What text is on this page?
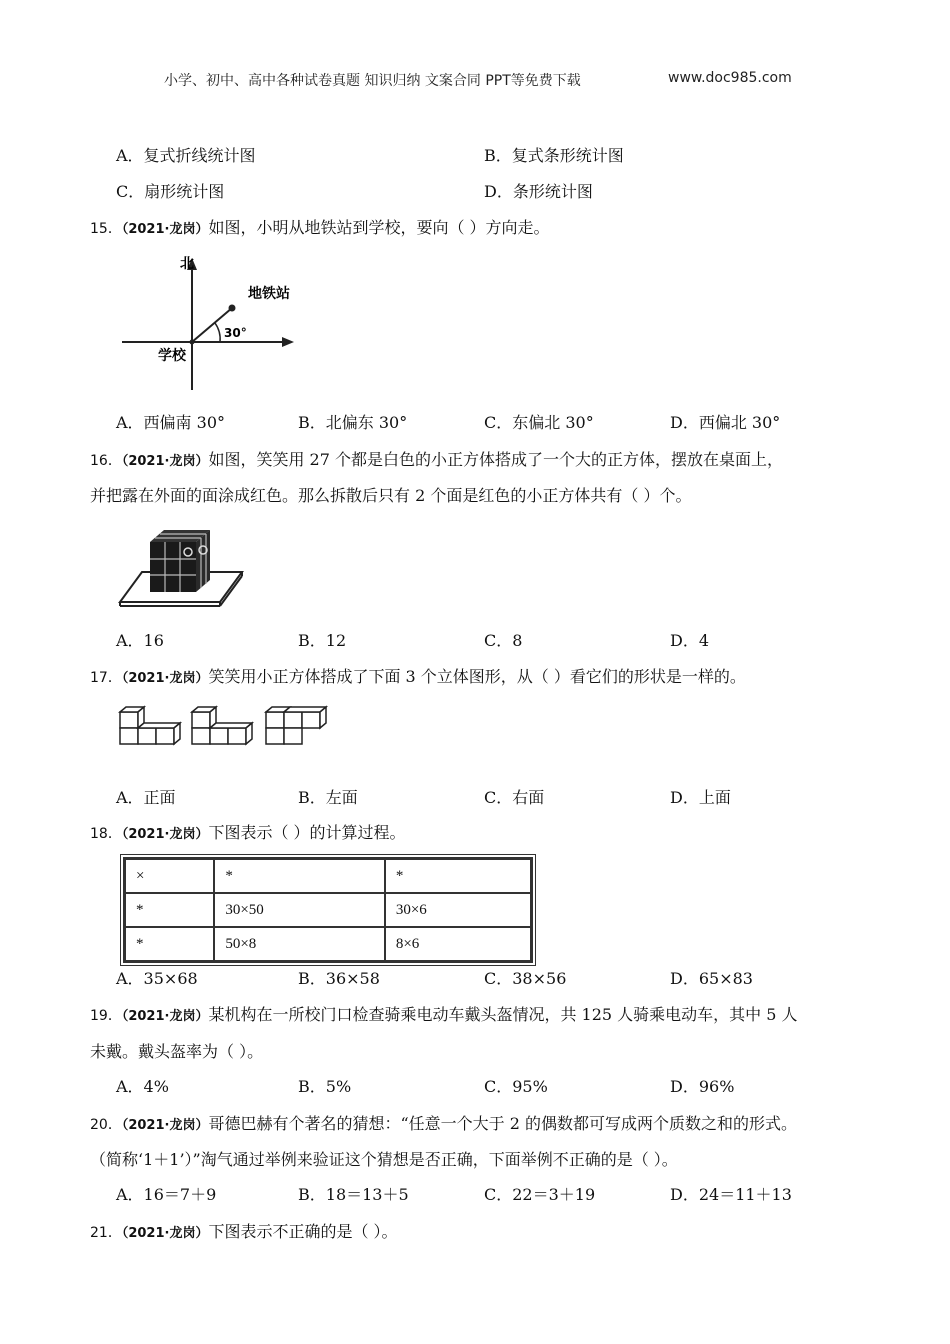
小学、初中、高中各种试卷真题 知识归纳 文案合同 PPT等免费下载	www.doc985.com
A．复式折线统计图	B．复式条形统计图
C．扇形统计图	D．条形统计图
15．（2021·龙岗）如图，小明从地铁站到学校，要向（ ）方向走。
北
地铁站
30°
学校
A．西偏南 30°	B．北偏东 30°	C．东偏北 30°	D．西偏北 30°
16．（2021·龙岗）如图，笑笑用 27 个都是白色的小正方体搭成了一个大的正方体，摆放在桌面上，
并把露在外面的面涂成红色。那么拆散后只有 2 个面是红色的小正方体共有（ ）个。
A．16	B．12	C．8	D．4
17．（2021·龙岗）笑笑用小正方体搭成了下面 3 个立体图形，从（ ）看它们的形状是一样的。
A．正面	B．左面	C．右面	D．上面
18．（2021·龙岗）下图表示（ ）的计算过程。
×	*	*
*	30×50	30×6
*	50×8	8×6
A．35×68	B．36×58	C．38×56	D．65×83
19．（2021·龙岗）某机构在一所校门口检查骑乘电动车戴头盔情况，共 125 人骑乘电动车，其中 5 人
未戴。戴头盔率为（ ）。
A．4%	B．5%	C．95%	D．96%
20．（2021·龙岗）哥德巴赫有个著名的猜想：“任意一个大于 2 的偶数都可写成两个质数之和的形式。
（简称‘1＋1’）”淘气通过举例来验证这个猜想是否正确，下面举例不正确的是（ ）。
A．16＝7＋9	B．18＝13＋5	C．22＝3＋19	D．24＝11＋13
21．（2021·龙岗）下图表示不正确的是（ ）。
